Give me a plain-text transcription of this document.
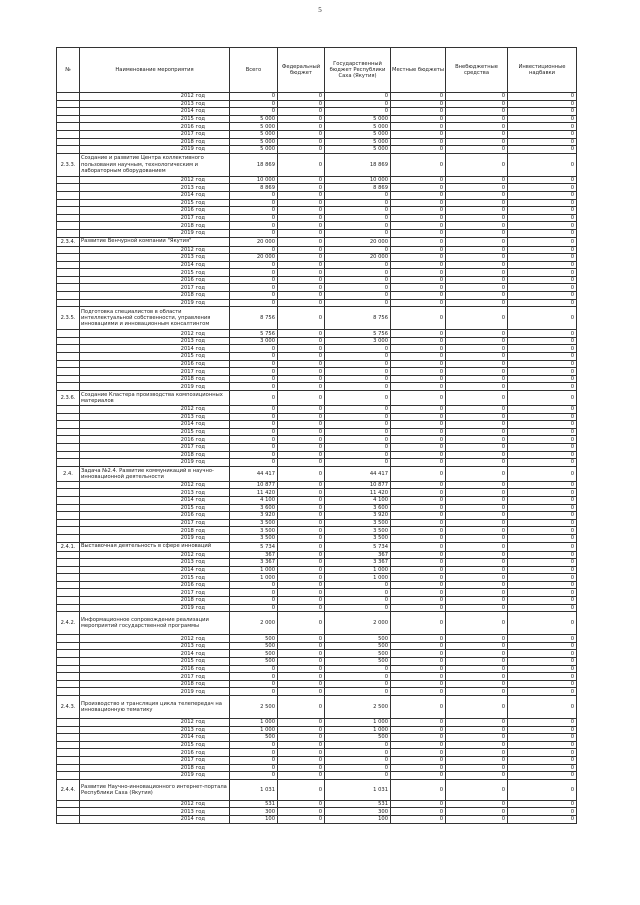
5
№	Наименование мероприятия	Всего	Федеральный бюджет	Государственный бюджет Республики Саха (Якутия)	Местные бюджеты	Внебюджетные средства	Инвестиционные надбавки
	2012 год	0	0	0	0	0	0
	2013 год	0	0	0	0	0	0
	2014 год	0	0	0	0	0	0
	2015 год	5 000	0	5 000	0	0	0
	2016 год	5 000	0	5 000	0	0	0
	2017 год	5 000	0	5 000	0	0	0
	2018 год	5 000	0	5 000	0	0	0
	2019 год	5 000	0	5 000	0	0	0
2.3.3.	Создание и развитие Центра коллективного пользования научным, технологическим и лабораторным оборудованием	18 869	0	18 869	0	0	0
	2012 год	10 000	0	10 000	0	0	0
	2013 год	8 869	0	8 869	0	0	0
	2014 год	0	0	0	0	0	0
	2015 год	0	0	0	0	0	0
	2016 год	0	0	0	0	0	0
	2017 год	0	0	0	0	0	0
	2018 год	0	0	0	0	0	0
	2019 год	0	0	0	0	0	0
2.3.4.	Развитие Венчурной компании "Якутия"	20 000	0	20 000	0	0	0
	2012 год	0	0	0	0	0	0
	2013 год	20 000	0	20 000	0	0	0
	2014 год	0	0	0	0	0	0
	2015 год	0	0	0	0	0	0
	2016 год	0	0	0	0	0	0
	2017 год	0	0	0	0	0	0
	2018 год	0	0	0	0	0	0
	2019 год	0	0	0	0	0	0
2.3.5.	Подготовка специалистов в области интеллектуальной собственности, управления инновациями и инновационным консалтингом	8 756	0	8 756	0	0	0
	2012 год	5 756	0	5 756	0	0	0
	2013 год	3 000	0	3 000	0	0	0
	2014 год	0	0	0	0	0	0
	2015 год	0	0	0	0	0	0
	2016 год	0	0	0	0	0	0
	2017 год	0	0	0	0	0	0
	2018 год	0	0	0	0	0	0
	2019 год	0	0	0	0	0	0
2.3.6.	Создание Кластера производства композиционных материалов	0	0	0	0	0	0
	2012 год	0	0	0	0	0	0
	2013 год	0	0	0	0	0	0
	2014 год	0	0	0	0	0	0
	2015 год	0	0	0	0	0	0
	2016 год	0	0	0	0	0	0
	2017 год	0	0	0	0	0	0
	2018 год	0	0	0	0	0	0
	2019 год	0	0	0	0	0	0
2.4.	Задача №2.4. Развитие коммуникаций в научно-инновационной деятельности	44 417	0	44 417	0	0	0
	2012 год	10 877	0	10 877	0	0	0
	2013 год	11 420	0	11 420	0	0	0
	2014 год	4 100	0	4 100	0	0	0
	2015 год	3 600	0	3 600	0	0	0
	2016 год	3 920	0	3 920	0	0	0
	2017 год	3 500	0	3 500	0	0	0
	2018 год	3 500	0	3 500	0	0	0
	2019 год	3 500	0	3 500	0	0	0
2.4.1.	Выставочная деятельность в сфере инноваций	5 734	0	5 734	0	0	0
	2012 год	367	0	367	0	0	0
	2013 год	3 367	0	3 367	0	0	0
	2014 год	1 000	0	1 000	0	0	0
	2015 год	1 000	0	1 000	0	0	0
	2016 год	0	0	0	0	0	0
	2017 год	0	0	0	0	0	0
	2018 год	0	0	0	0	0	0
	2019 год	0	0	0	0	0	0
2.4.2.	Информационное сопровождение реализации мероприятий государственной программы	2 000	0	2 000	0	0	0
	2012 год	500	0	500	0	0	0
	2013 год	500	0	500	0	0	0
	2014 год	500	0	500	0	0	0
	2015 год	500	0	500	0	0	0
	2016 год	0	0	0	0	0	0
	2017 год	0	0	0	0	0	0
	2018 год	0	0	0	0	0	0
	2019 год	0	0	0	0	0	0
2.4.3.	Производство и трансляция цикла телепередач на инновационную тематику	2 500	0	2 500	0	0	0
	2012 год	1 000	0	1 000	0	0	0
	2013 год	1 000	0	1 000	0	0	0
	2014 год	500	0	500	0	0	0
	2015 год	0	0	0	0	0	0
	2016 год	0	0	0	0	0	0
	2017 год	0	0	0	0	0	0
	2018 год	0	0	0	0	0	0
	2019 год	0	0	0	0	0	0
2.4.4.	Развитие Научно-инновационного интернет-портала Республики Саха (Якутия)	1 031	0	1 031	0	0	0
	2012 год	531	0	531	0	0	0
	2013 год	300	0	300	0	0	0
	2014 год	100	0	100	0	0	0
